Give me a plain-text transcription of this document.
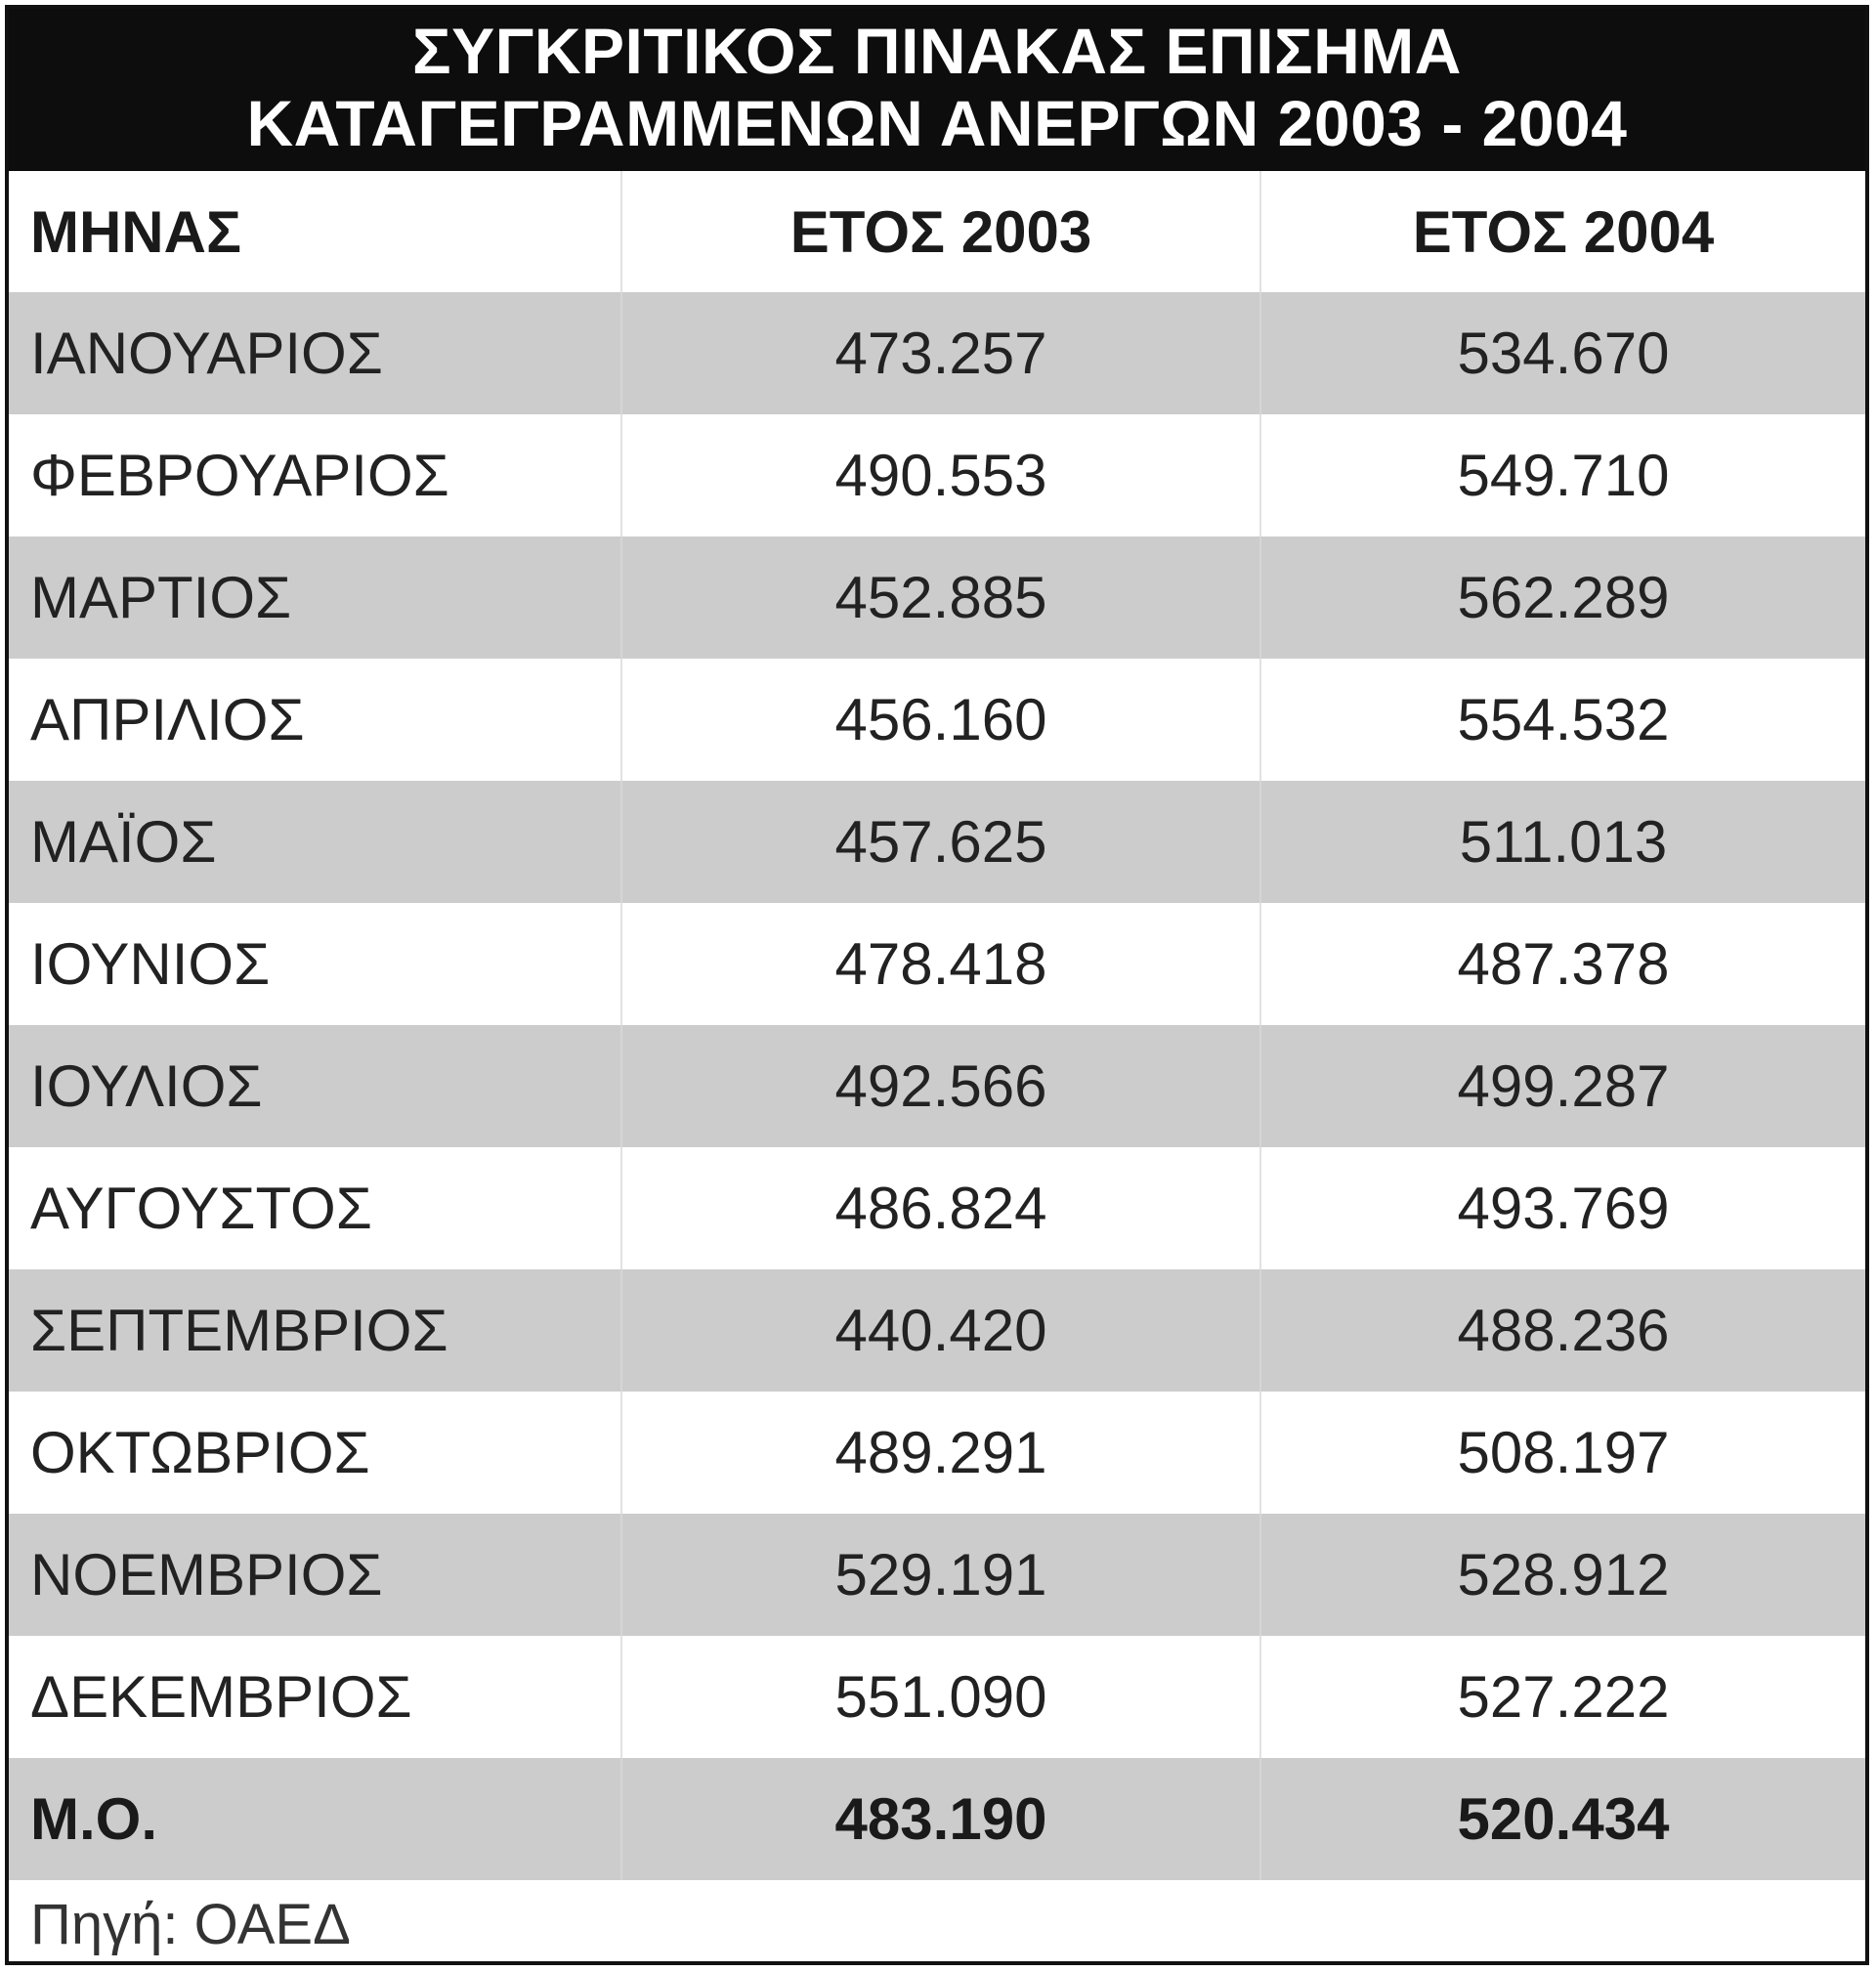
ΣΥΓΚΡΙΤΙΚΟΣ ΠΙΝΑΚΑΣ ΕΠΙΣΗΜΑ
ΚΑΤΑΓΕΓΡΑΜΜΕΝΩΝ ΑΝΕΡΓΩΝ 2003 - 2004
ΜΗΝΑΣ	ΕΤΟΣ 2003	ΕΤΟΣ 2004
ΙΑΝΟΥΑΡΙΟΣ	473.257	534.670
ΦΕΒΡΟΥΑΡΙΟΣ	490.553	549.710
ΜΑΡΤΙΟΣ	452.885	562.289
ΑΠΡΙΛΙΟΣ	456.160	554.532
ΜΑΪΟΣ	457.625	511.013
ΙΟΥΝΙΟΣ	478.418	487.378
ΙΟΥΛΙΟΣ	492.566	499.287
ΑΥΓΟΥΣΤΟΣ	486.824	493.769
ΣΕΠΤΕΜΒΡΙΟΣ	440.420	488.236
ΟΚΤΩΒΡΙΟΣ	489.291	508.197
ΝΟΕΜΒΡΙΟΣ	529.191	528.912
ΔΕΚΕΜΒΡΙΟΣ	551.090	527.222
Μ.Ο.	483.190	520.434
Πηγή: ΟΑΕΔ
